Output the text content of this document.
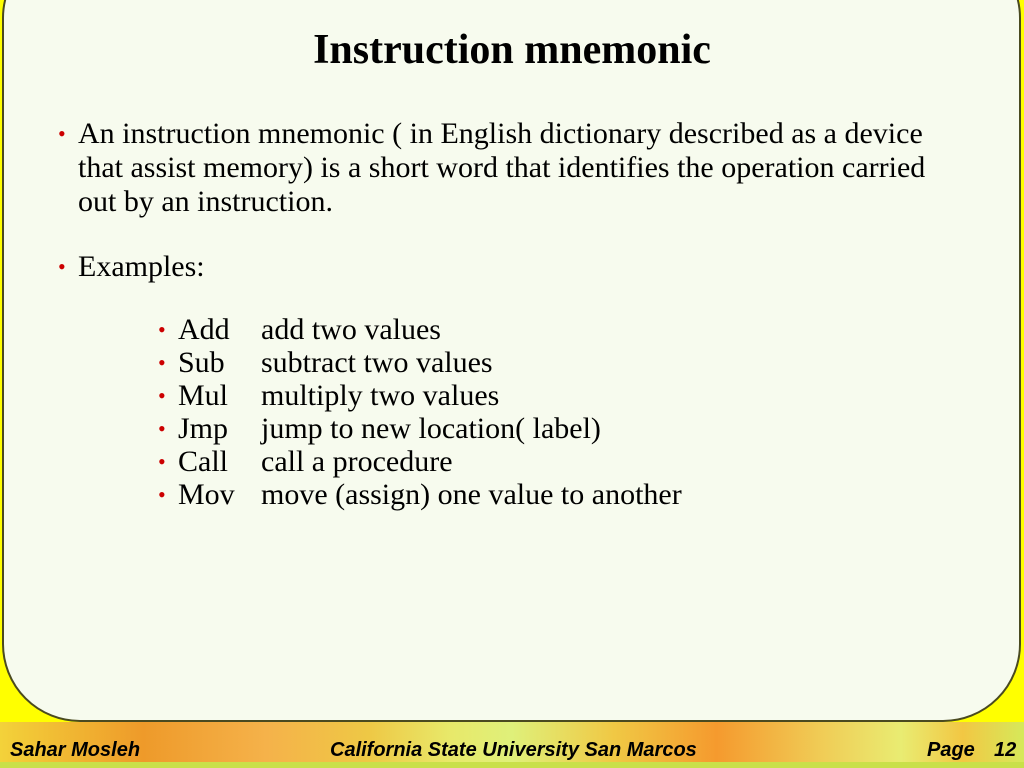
Instruction mnemonic
• An instruction mnemonic ( in English dictionary described as a device that assist memory) is a short word that identifies the operation carried out by an instruction.
• Examples:
• Add add two values
• Sub subtract two values
• Mul multiply two values
• Jmp jump to new location( label)
• Call call a procedure
• Mov move (assign) one value to another
Sahar Mosleh	California State University San Marcos	Page 12
